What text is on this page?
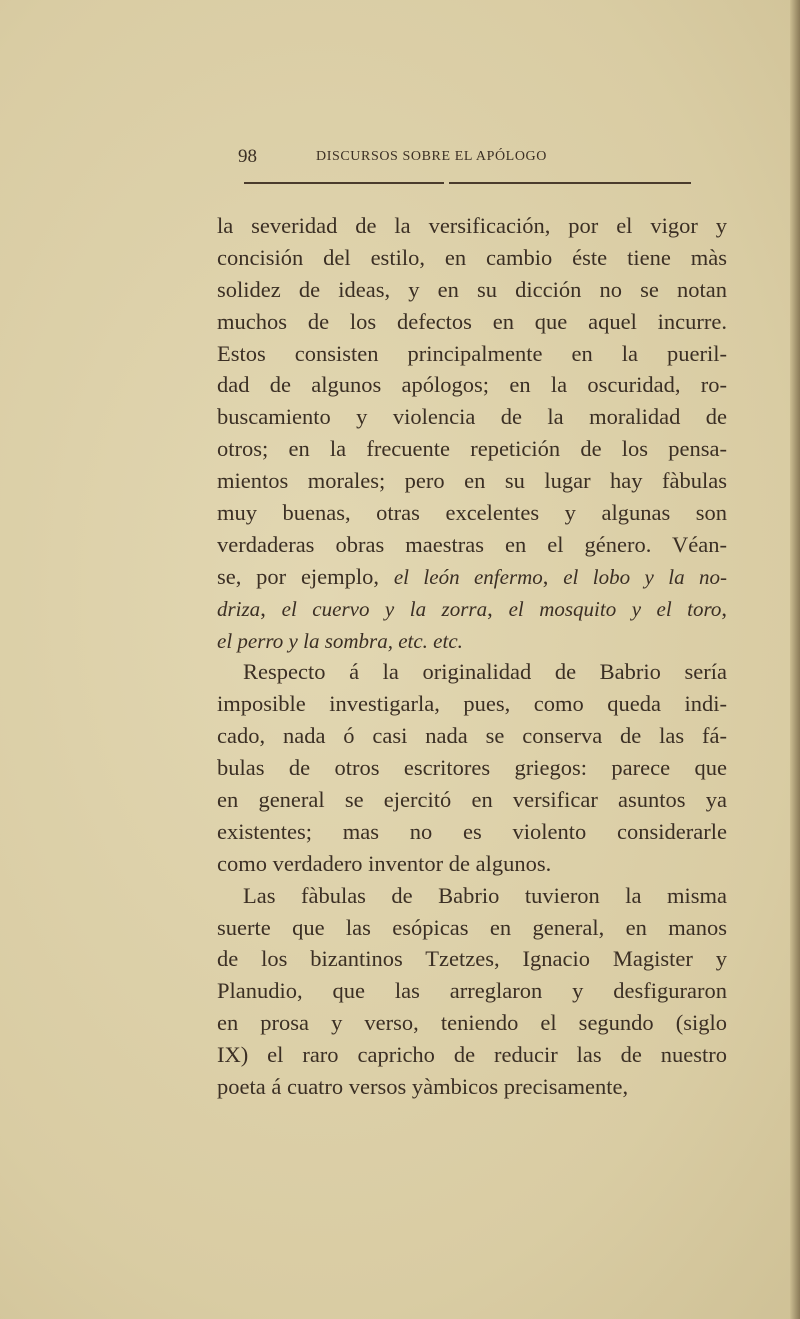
98	DISCURSOS SOBRE EL APÓLOGO
la severidad de la versificación, por el vigor y
concisión del estilo, en cambio éste tiene màs
solidez de ideas, y en su dicción no se notan
muchos de los defectos en que aquel incurre.
Estos consisten principalmente en la pueril-
dad de algunos apólogos; en la oscuridad, ro-
buscamiento y violencia de la moralidad de
otros; en la frecuente repetición de los pensa-
mientos morales; pero en su lugar hay fàbulas
muy buenas, otras excelentes y algunas son
verdaderas obras maestras en el género. Véan-
se, por ejemplo, el león enfermo, el lobo y la no-
driza, el cuervo y la zorra, el mosquito y el toro,
el perro y la sombra, etc. etc.
Respecto á la originalidad de Babrio sería
imposible investigarla, pues, como queda indi-
cado, nada ó casi nada se conserva de las fá-
bulas de otros escritores griegos: parece que
en general se ejercitó en versificar asuntos ya
existentes; mas no es violento considerarle
como verdadero inventor de algunos.
Las fàbulas de Babrio tuvieron la misma
suerte que las esópicas en general, en manos
de los bizantinos Tzetzes, Ignacio Magister y
Planudio, que las arreglaron y desfiguraron
en prosa y verso, teniendo el segundo (siglo
IX) el raro capricho de reducir las de nuestro
poeta á cuatro versos yàmbicos precisamente,
